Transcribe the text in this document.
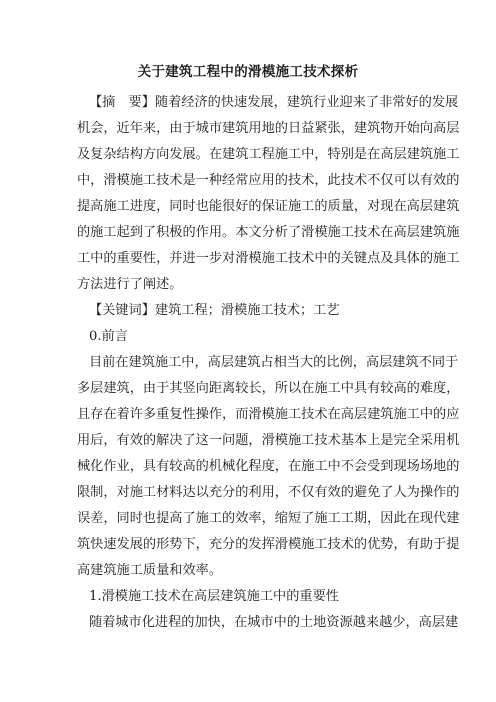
关于建筑工程中的滑模施工技术探析
【摘　要】随着经济的快速发展，建筑行业迎来了非常好的发展
机会，近年来，由于城市建筑用地的日益紧张，建筑物开始向高层
及复杂结构方向发展。在建筑工程施工中，特别是在高层建筑施工
中，滑模施工技术是一种经常应用的技术，此技术不仅可以有效的
提高施工进度，同时也能很好的保证施工的质量，对现在高层建筑
的施工起到了积极的作用。本文分析了滑模施工技术在高层建筑施
工中的重要性，并进一步对滑模施工技术中的关键点及具体的施工
方法进行了阐述。
【关键词】建筑工程；滑模施工技术；工艺
0.前言
目前在建筑施工中，高层建筑占相当大的比例，高层建筑不同于
多层建筑，由于其竖向距离较长，所以在施工中具有较高的难度，
且存在着许多重复性操作，而滑模施工技术在高层建筑施工中的应
用后，有效的解决了这一问题，滑模施工技术基本上是完全采用机
械化作业，具有较高的机械化程度，在施工中不会受到现场场地的
限制，对施工材料达以充分的利用，不仅有效的避免了人为操作的
误差，同时也提高了施工的效率，缩短了施工工期，因此在现代建
筑快速发展的形势下，充分的发挥滑模施工技术的优势，有助于提
高建筑施工质量和效率。
1.滑模施工技术在高层建筑施工中的重要性
随着城市化进程的加快，在城市中的土地资源越来越少，高层建
